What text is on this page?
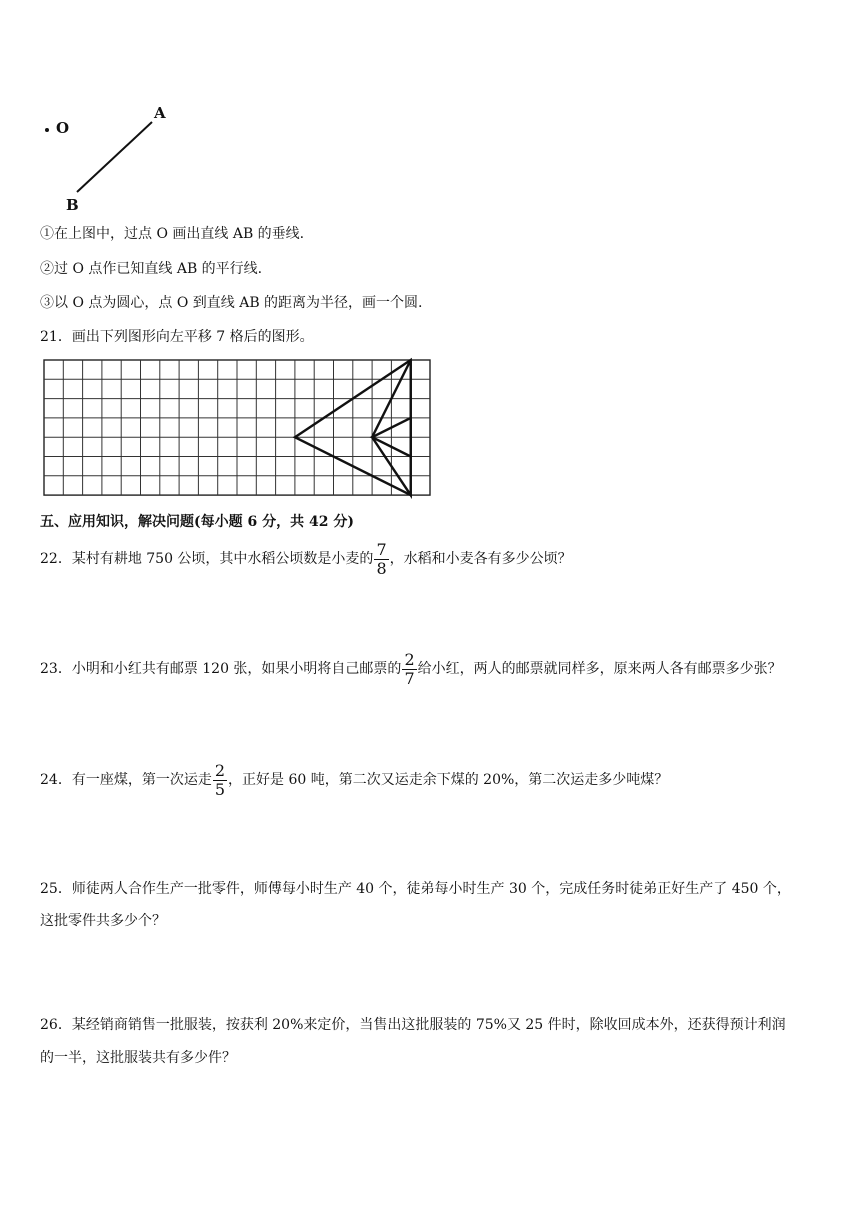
O
A
B
①在上图中，过点 O 画出直线 AB 的垂线.
②过 O 点作已知直线 AB 的平行线.
③以 O 点为圆心，点 O 到直线 AB 的距离为半径，画一个圆.
21．画出下列图形向左平移 7 格后的图形。
五、应用知识，解决问题(每小题 6 分，共 42 分)
22．某村有耕地 750 公顷，其中水稻公顷数是小麦的 $\frac{7}{8}$ ，水稻和小麦各有多少公顷？
23．小明和小红共有邮票 120 张，如果小明将自己邮票的 $\frac{2}{7}$ 给小红，两人的邮票就同样多，原来两人各有邮票多少张？
24．有一座煤，第一次运走 $\frac{2}{5}$ ，正好是 60 吨，第二次又运走余下煤的 20%，第二次运走多少吨煤？
25．师徒两人合作生产一批零件，师傅每小时生产 40 个，徒弟每小时生产 30 个，完成任务时徒弟正好生产了 450 个，
这批零件共多少个？
26．某经销商销售一批服装，按获利 20%来定价，当售出这批服装的 75%又 25 件时，除收回成本外，还获得预计利润
的一半，这批服装共有多少件？
